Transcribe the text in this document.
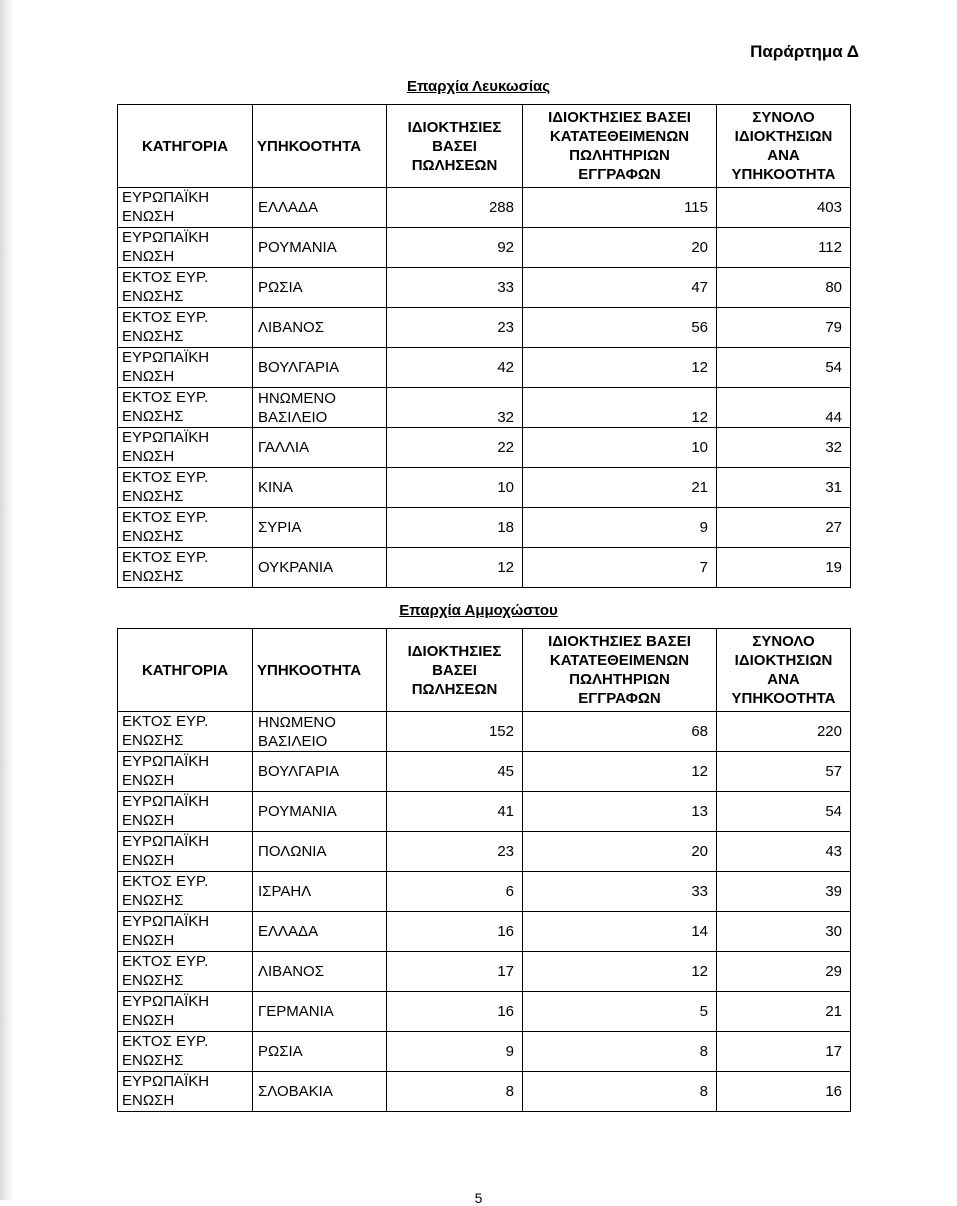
Παράρτημα Δ
Επαρχία Λευκωσίας
ΚΑΤΗΓΟΡΙΑ	ΥΠΗΚΟΟΤΗΤΑ	ΙΔΙΟΚΤΗΣΙΕΣ ΒΑΣΕΙ ΠΩΛΗΣΕΩΝ	ΙΔΙΟΚΤΗΣΙΕΣ ΒΑΣΕΙ ΚΑΤΑΤΕΘΕΙΜΕΝΩΝ ΠΩΛΗΤΗΡΙΩΝ ΕΓΓΡΑΦΩΝ	ΣΥΝΟΛΟ ΙΔΙΟΚΤΗΣΙΩΝ ΑΝΑ ΥΠΗΚΟΟΤΗΤΑ
ΕΥΡΩΠΑΪΚΗ ΕΝΩΣΗ	ΕΛΛΑΔΑ	288	115	403
ΕΥΡΩΠΑΪΚΗ ΕΝΩΣΗ	ΡΟΥΜΑΝΙΑ	92	20	112
ΕΚΤΟΣ ΕΥΡ. ΕΝΩΣΗΣ	ΡΩΣΙΑ	33	47	80
ΕΚΤΟΣ ΕΥΡ. ΕΝΩΣΗΣ	ΛΙΒΑΝΟΣ	23	56	79
ΕΥΡΩΠΑΪΚΗ ΕΝΩΣΗ	ΒΟΥΛΓΑΡΙΑ	42	12	54
ΕΚΤΟΣ ΕΥΡ. ΕΝΩΣΗΣ	ΗΝΩΜΕΝΟ ΒΑΣΙΛΕΙΟ	32	12	44
ΕΥΡΩΠΑΪΚΗ ΕΝΩΣΗ	ΓΑΛΛΙΑ	22	10	32
ΕΚΤΟΣ ΕΥΡ. ΕΝΩΣΗΣ	ΚΙΝΑ	10	21	31
ΕΚΤΟΣ ΕΥΡ. ΕΝΩΣΗΣ	ΣΥΡΙΑ	18	9	27
ΕΚΤΟΣ ΕΥΡ. ΕΝΩΣΗΣ	ΟΥΚΡΑΝΙΑ	12	7	19
Επαρχία Αμμοχώστου
ΚΑΤΗΓΟΡΙΑ	ΥΠΗΚΟΟΤΗΤΑ	ΙΔΙΟΚΤΗΣΙΕΣ ΒΑΣΕΙ ΠΩΛΗΣΕΩΝ	ΙΔΙΟΚΤΗΣΙΕΣ ΒΑΣΕΙ ΚΑΤΑΤΕΘΕΙΜΕΝΩΝ ΠΩΛΗΤΗΡΙΩΝ ΕΓΓΡΑΦΩΝ	ΣΥΝΟΛΟ ΙΔΙΟΚΤΗΣΙΩΝ ΑΝΑ ΥΠΗΚΟΟΤΗΤΑ
ΕΚΤΟΣ ΕΥΡ. ΕΝΩΣΗΣ	ΗΝΩΜΕΝΟ ΒΑΣΙΛΕΙΟ	152	68	220
ΕΥΡΩΠΑΪΚΗ ΕΝΩΣΗ	ΒΟΥΛΓΑΡΙΑ	45	12	57
ΕΥΡΩΠΑΪΚΗ ΕΝΩΣΗ	ΡΟΥΜΑΝΙΑ	41	13	54
ΕΥΡΩΠΑΪΚΗ ΕΝΩΣΗ	ΠΟΛΩΝΙΑ	23	20	43
ΕΚΤΟΣ ΕΥΡ. ΕΝΩΣΗΣ	ΙΣΡΑΗΛ	6	33	39
ΕΥΡΩΠΑΪΚΗ ΕΝΩΣΗ	ΕΛΛΑΔΑ	16	14	30
ΕΚΤΟΣ ΕΥΡ. ΕΝΩΣΗΣ	ΛΙΒΑΝΟΣ	17	12	29
ΕΥΡΩΠΑΪΚΗ ΕΝΩΣΗ	ΓΕΡΜΑΝΙΑ	16	5	21
ΕΚΤΟΣ ΕΥΡ. ΕΝΩΣΗΣ	ΡΩΣΙΑ	9	8	17
ΕΥΡΩΠΑΪΚΗ ΕΝΩΣΗ	ΣΛΟΒΑΚΙΑ	8	8	16
5
